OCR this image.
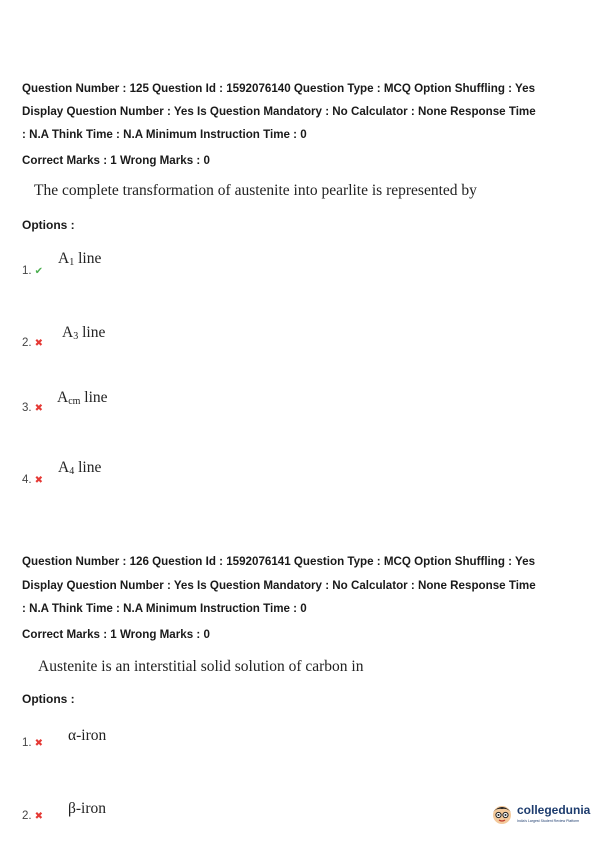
Question Number : 125 Question Id : 1592076140 Question Type : MCQ Option Shuffling : Yes

Display Question Number : Yes Is Question Mandatory : No Calculator : None Response Time

: N.A Think Time : N.A Minimum Instruction Time : 0

Correct Marks : 1 Wrong Marks : 0

The complete transformation of austenite into pearlite is represented by

Options :

1. ✔
$A_1$ line
2. ✖
$A_3$ line
3. ✖
$A_{cm}$ line
4. ✖
$A_4$ line

Question Number : 126 Question Id : 1592076141 Question Type : MCQ Option Shuffling : Yes

Display Question Number : Yes Is Question Mandatory : No Calculator : None Response Time

: N.A Think Time : N.A Minimum Instruction Time : 0

Correct Marks : 1 Wrong Marks : 0

Austenite is an interstitial solid solution of carbon in

Options :

1. ✖ α-iron
2. ✖ β-iron	collegedunia
India's Largest Student Review Platform
